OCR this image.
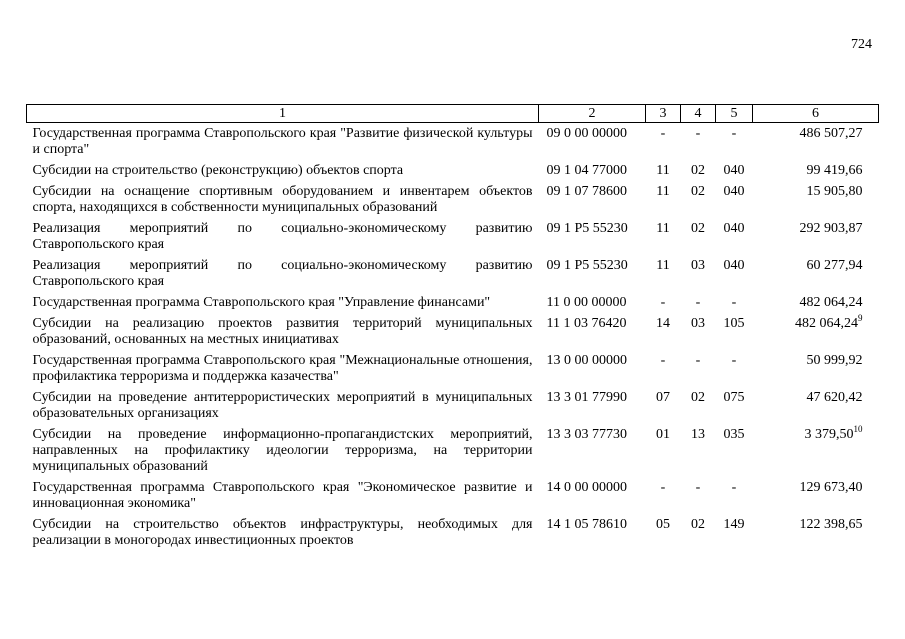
724
1	2	3	4	5	6
Государственная программа Ставропольского края "Развитие физической культуры и спорта"	09 0 00 00000	-	-	-	486 507,27
Субсидии на строительство (реконструкцию) объектов спорта	09 1 04 77000	11	02	040	99 419,66
Субсидии на оснащение спортивным оборудованием и инвентарем объектов спорта, находящихся в собственности муниципальных образований	09 1 07 78600	11	02	040	15 905,80
Реализация мероприятий по социально-экономическому развитию Ставропольского края	09 1 P5 55230	11	02	040	292 903,87
Реализация мероприятий по социально-экономическому развитию Ставропольского края	09 1 P5 55230	11	03	040	60 277,94
Государственная программа Ставропольского края "Управление финансами"	11 0 00 00000	-	-	-	482 064,24
Субсидии на реализацию проектов развития территорий муниципальных образований, основанных на местных инициативах	11 1 03 76420	14	03	105	482 064,24$^9$
Государственная программа Ставропольского края "Межнациональные отношения, профилактика терроризма и поддержка казачества"	13 0 00 00000	-	-	-	50 999,92
Субсидии на проведение антитеррористических мероприятий в муниципальных образовательных организациях	13 3 01 77990	07	02	075	47 620,42
Субсидии на проведение информационно-пропагандистских мероприятий, направленных на профилактику идеологии терроризма, на территории муниципальных образований	13 3 03 77730	01	13	035	3 379,50$^{10}$
Государственная программа Ставропольского края "Экономическое развитие и инновационная экономика"	14 0 00 00000	-	-	-	129 673,40
Субсидии на строительство объектов инфраструктуры, необходимых для реализации в моногородах инвестиционных проектов	14 1 05 78610	05	02	149	122 398,65
